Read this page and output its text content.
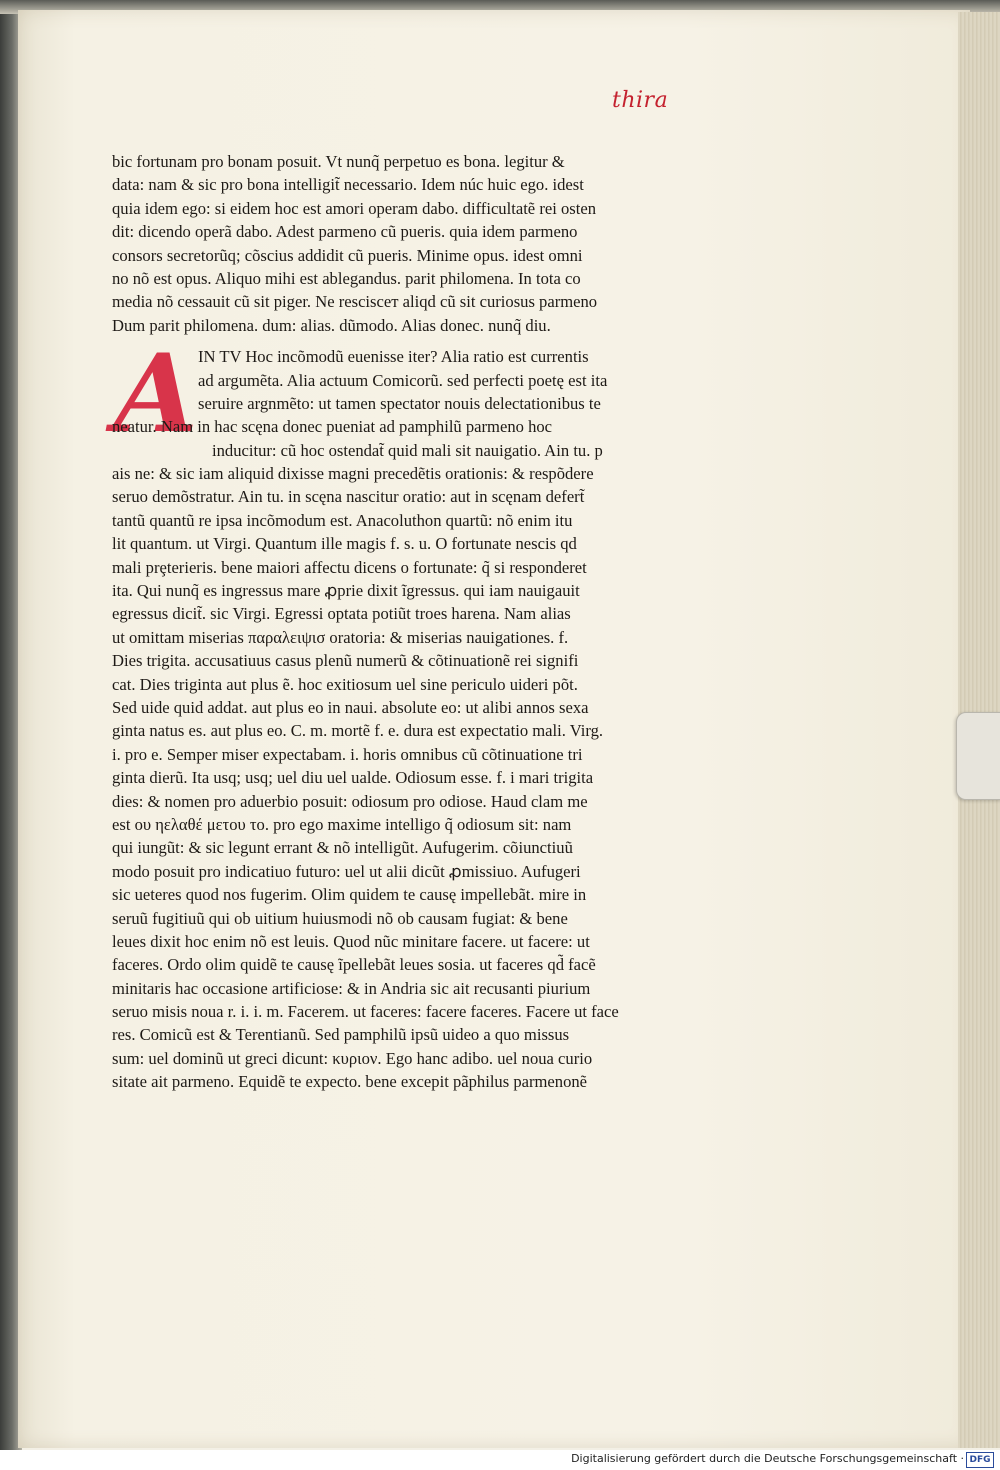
thira
A
bic fortunam pro bonam posuit. Vt nunq̃ perpetuo es bona. legitur &
data: nam & sic pro bona intelligit̃ necessario. Idem núc huic ego. idest
quia idem ego: si eidem hoc est amori operam dabo. difficultatẽ rei osten
dit: dicendo operã dabo. Adest parmeno cũ pueris. quia idem parmeno
consors secretorũq; cõscius addidit cũ pueris. Minime opus. idest omni
no nõ est opus. Aliquo mihi est ablegandus. parit philomena. In tota co
media nõ cessauit cũ sit piger. Ne rescisceт aliqd cũ sit curiosus parmeno
Dum parit philomena. dum: alias. dũmodo. Alias donec. nunq̃ diu.
IN TV Hoc incõmodũ euenisse iter? Alia ratio est currentis
ad argumẽta. Alia actuum Comicorũ. sed perfecti poetę est ita
seruire argnmẽto: ut tamen spectator nouis delectationibus te
neatur. Nam in hac scęna donec pueniat ad pamphilũ parmeno hoc
inducitur: cũ hoc ostendat̃ quid mali sit nauigatio. Ain tu. p
ais ne: & sic iam aliquid dixisse magni precedẽtis orationis: & respõdere
seruo demõstratur. Ain tu. in scęna nascitur oratio: aut in scęnam defert̃
tantũ quantũ re ipsa incõmodum est. Anacoluthon quartũ: nõ enim itu
lit quantum. ut Virgi. Quantum ille magis f. s. u. O fortunate nescis qd
mali prȩterieris. bene maiori affectu dicens o fortunate: q̃ si responderet
ita. Qui nunq̃ es ingressus mare ꝓprie dixit ĩgressus. qui iam nauigauit
egressus dicit̃. sic Virgi. Egressi optata potiũt troes harena. Nam alias
ut omittam miserias παραλειψισ oratoria: & miserias nauigationes. f.
Dies trigita. accusatiuus casus plenũ numerũ & cõtinuationẽ rei signifi
cat. Dies triginta aut plus ẽ. hoc exitiosum uel sine periculo uideri põt.
Sed uide quid addat. aut plus eo in naui. absolute eo: ut alibi annos sexa
ginta natus es. aut plus eo. C. m. mortẽ f. e. dura est expectatio mali. Virg.
i. pro e. Semper miser expectabam. i. horis omnibus cũ cõtinuatione tri
ginta dierũ. Ita usq; usq; uel diu uel ualde. Odiosum esse. f. i mari trigita
dies: & nomen pro aduerbio posuit: odiosum pro odiose. Haud clam me
est ου ηελαθέ μετου το. pro ego maxime intelligo q̃ odiosum sit: nam
qui iungũt: & sic legunt errant & nõ intelligũt. Aufugerim. cõiunctiuũ
modo posuit pro indicatiuo futuro: uel ut alii dicũt ꝓmissiuo. Aufugeri
sic ueteres quod nos fugerim. Olim quidem te causę impellebãt. mire in
seruũ fugitiuũ qui ob uitium huiusmodi nõ ob causam fugiat: & bene
leues dixit hoc enim nõ est leuis. Quod nũc minitare facere. ut facere: ut
faceres. Ordo olim quidẽ te causę ĩpellebãt leues sosia. ut faceres qd̃ facẽ
minitaris hac occasione artificiose: & in Andria sic ait recusanti piurium
seruo misis noua r. i. i. m. Facerem. ut faceres: facere faceres. Facere ut face
res. Comicũ est & Terentianũ. Sed pamphilũ ipsũ uideo a quo missus
sum: uel dominũ ut greci dicunt: κυριον. Ego hanc adibo. uel noua curio
sitate ait parmeno. Equidẽ te expecto. bene excepit pãphilus parmenonẽ
Digitalisierung gefördert durch die Deutsche Forschungsgemeinschaft · DFG
